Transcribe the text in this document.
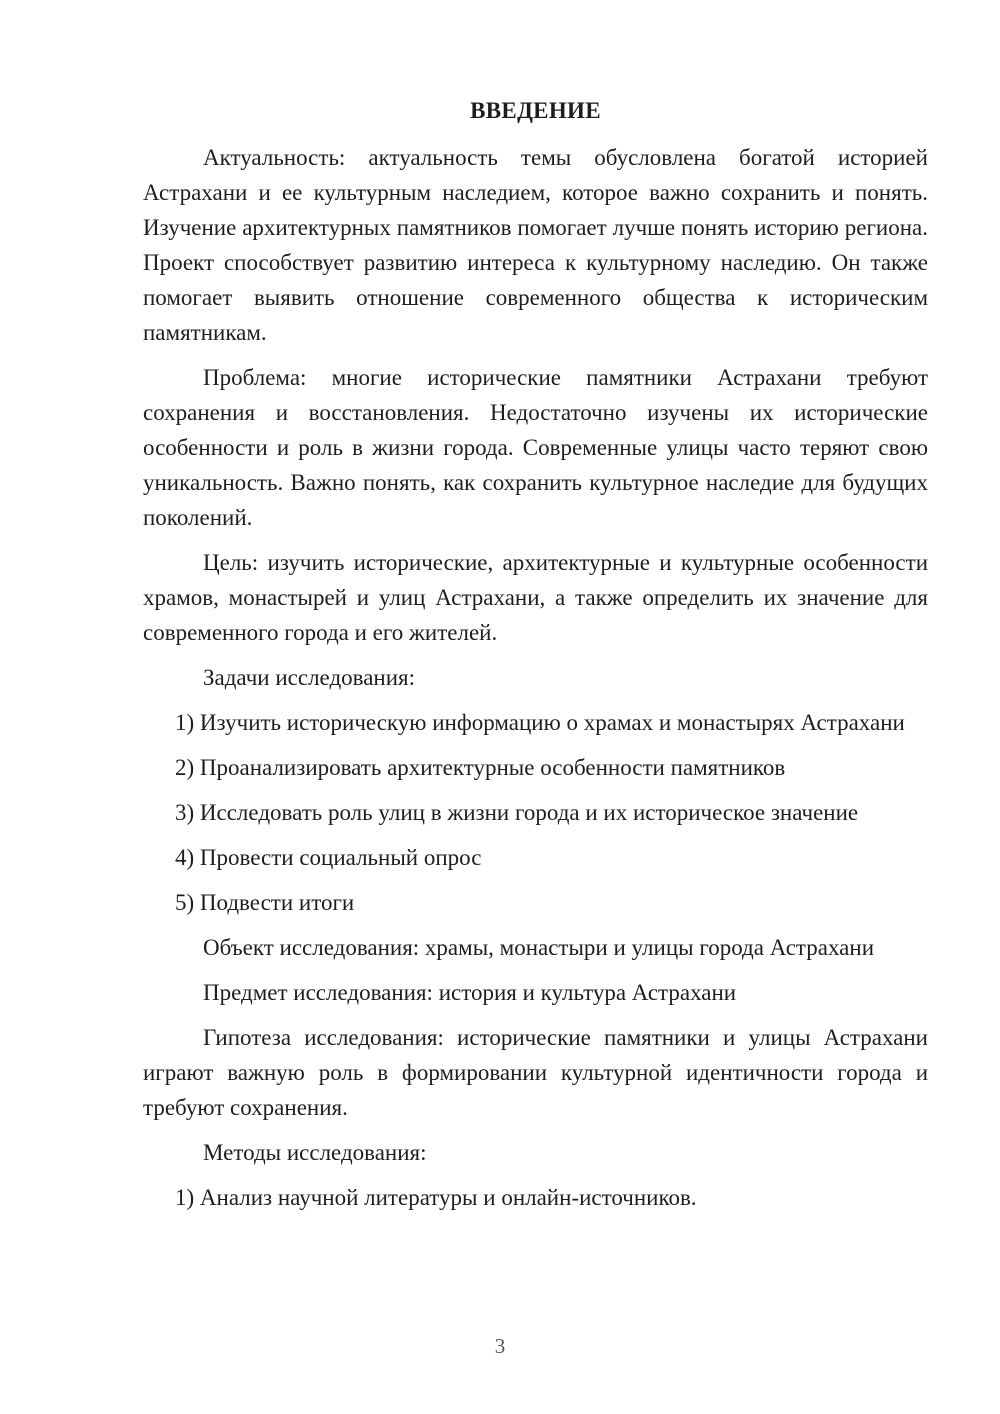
ВВЕДЕНИЕ

Актуальность: актуальность темы обусловлена богатой историей Астрахани и ее культурным наследием, которое важно сохранить и понять. Изучение архитектурных памятников помогает лучше понять историю региона. Проект способствует развитию интереса к культурному наследию. Он также помогает выявить отношение современного общества к историческим памятникам.

Проблема: многие исторические памятники Астрахани требуют сохранения и восстановления. Недостаточно изучены их исторические особенности и роль в жизни города. Современные улицы часто теряют свою уникальность. Важно понять, как сохранить культурное наследие для будущих поколений.

Цель: изучить исторические, архитектурные и культурные особенности храмов, монастырей и улиц Астрахани, а также определить их значение для современного города и его жителей.

Задачи исследования:

1) Изучить историческую информацию о храмах и монастырях Астрахани

2) Проанализировать архитектурные особенности памятников

3) Исследовать роль улиц в жизни города и их историческое значение

4) Провести социальный опрос

5) Подвести итоги

Объект исследования: храмы, монастыри и улицы города Астрахани

Предмет исследования: история и культура Астрахани

Гипотеза исследования: исторические памятники и улицы Астрахани играют важную роль в формировании культурной идентичности города и требуют сохранения.

Методы исследования:

1) Анализ научной литературы и онлайн-источников.

3
